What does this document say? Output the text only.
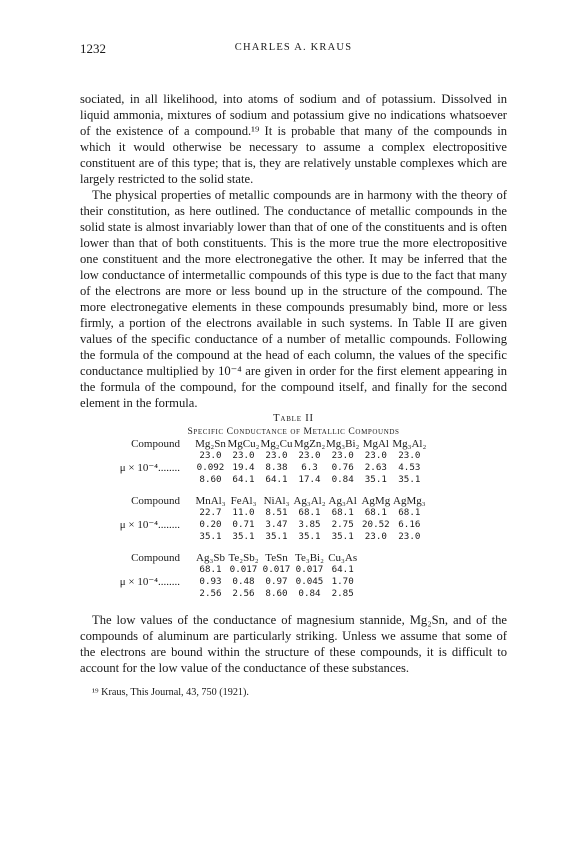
1232	CHARLES A. KRAUS

sociated, in all likelihood, into atoms of sodium and of potassium. Dissolved in liquid ammonia, mixtures of sodium and potassium give no indications whatsoever of the existence of a compound.¹⁹ It is probable that many of the compounds in which it would otherwise be necessary to assume a complex electropositive constituent are of this type; that is, they are relatively unstable complexes which are largely restricted to the solid state.

The physical properties of metallic compounds are in harmony with the theory of their constitution, as here outlined. The conductance of metallic compounds in the solid state is almost invariably lower than that of one of the constituents and is often lower than that of both constituents. This is the more true the more electropositive one constituent and the more electronegative the other. It may be inferred that the low conductance of intermetallic compounds of this type is due to the fact that many of the electrons are more or less bound up in the structure of the compound. The more electronegative elements in these compounds presumably bind, more or less firmly, a portion of the electrons available in such systems. In Table II are given values of the specific conductance of a number of metallic compounds. Following the formula of the compound at the head of each column, the values of the specific conductance multiplied by 10⁻⁴ are given in order for the first element appearing in the formula of the compound, for the compound itself, and finally for the second element in the formula.

Table II
Specific Conductance of Metallic Compounds
Compound	Mg₂Sn	MgCu₂	Mg₂Cu	MgZn₂	Mg₃Bi₂	MgAl	Mg₃Al₂
	23.0	23.0	23.0	23.0	23.0	23.0	23.0
μ × 10⁻⁴........	0.092	19.4	8.38	6.3	0.76	2.63	4.53
	8.60	64.1	64.1	17.4	0.84	35.1	35.1

Compound	MnAl₃	FeAl₃	NiAl₃	Ag₃Al₂	Ag₃Al	AgMg	AgMg₃
	22.7	11.0	8.51	68.1	68.1	68.1	68.1
μ × 10⁻⁴........	0.20	0.71	3.47	3.85	2.75	20.52	6.16
	35.1	35.1	35.1	35.1	35.1	23.0	23.0

Compound	Ag₃Sb	Te₂Sb₂	TeSn	Te₃Bi₂	Cu₃As		
	68.1	0.017	0.017	0.017	64.1		
μ × 10⁻⁴........	0.93	0.48	0.97	0.045	1.70		
	2.56	2.56	8.60	0.84	2.85		

The low values of the conductance of magnesium stannide, Mg₂Sn, and of the compounds of aluminum are particularly striking. Unless we assume that some of the electrons are bound within the structure of these compounds, it is difficult to account for the low value of the conductance of these substances.

¹⁹ Kraus, This Journal, 43, 750 (1921).
